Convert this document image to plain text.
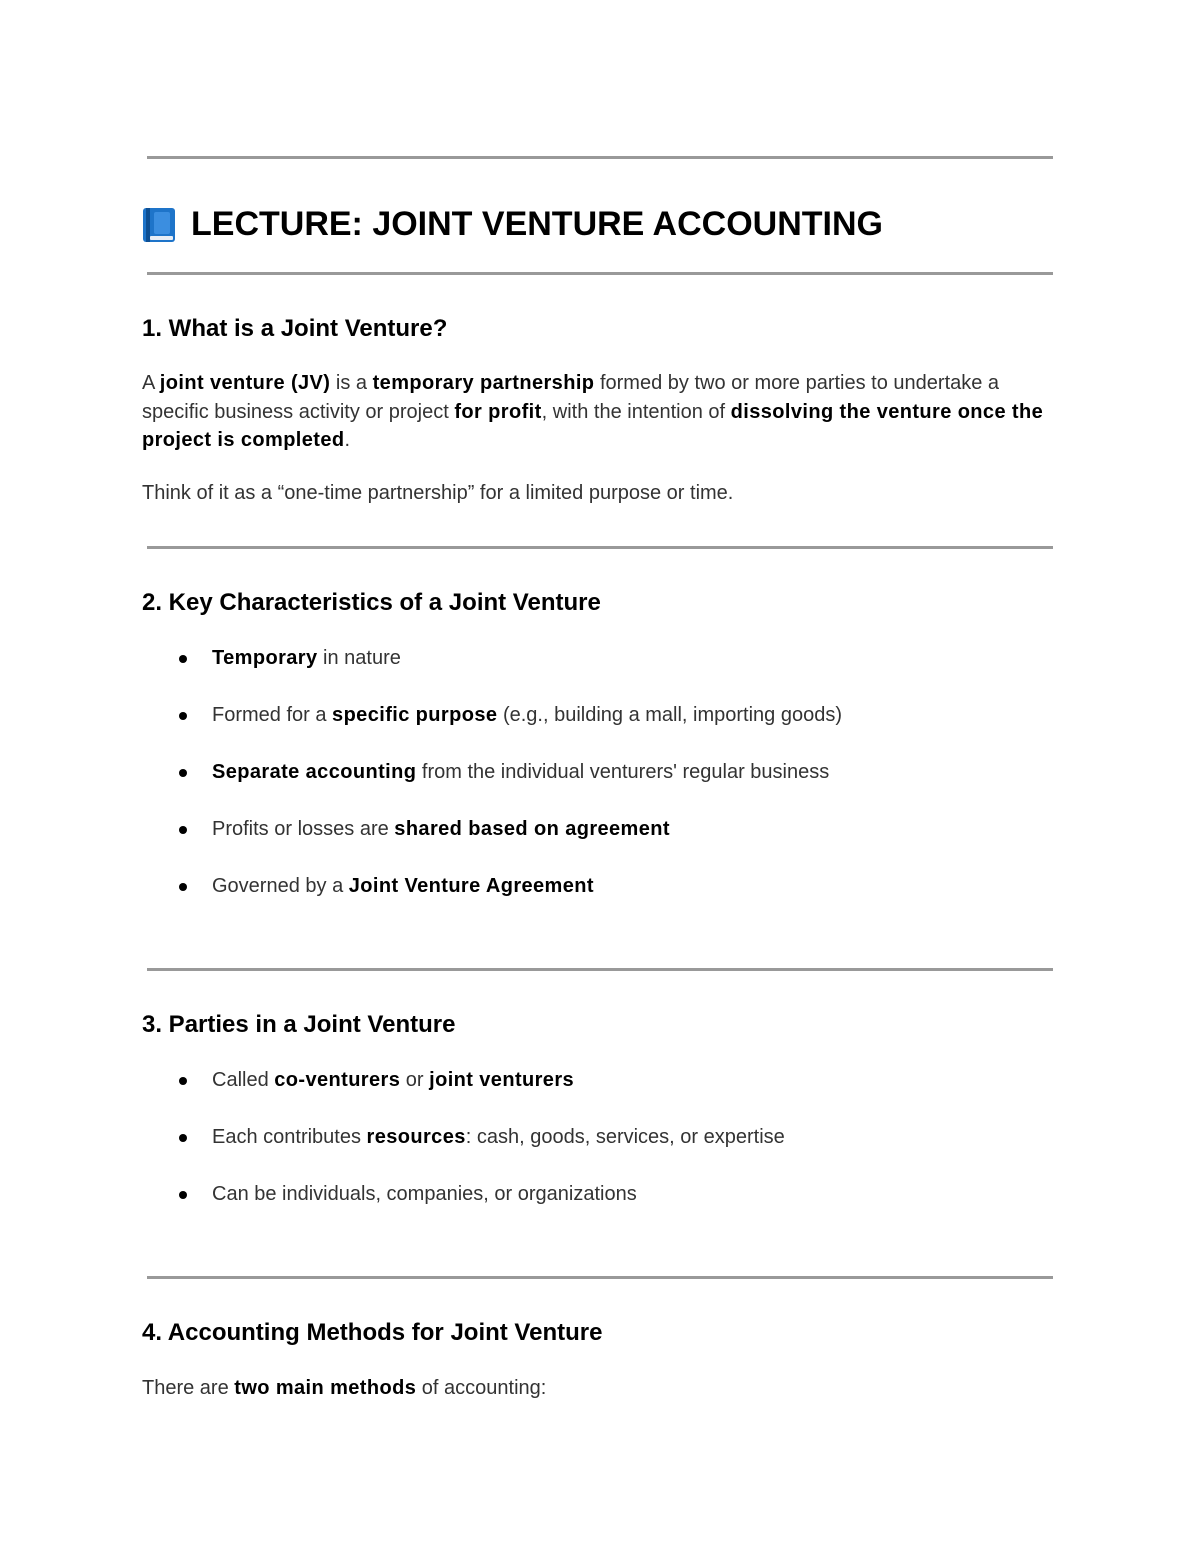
LECTURE: JOINT VENTURE ACCOUNTING
1. What is a Joint Venture?

A joint venture (JV) is a temporary partnership formed by two or more parties to undertake a specific business activity or project for profit, with the intention of dissolving the venture once the project is completed.

Think of it as a “one-time partnership” for a limited purpose or time.

2. Key Characteristics of a Joint Venture
Temporary in nature
Formed for a specific purpose (e.g., building a mall, importing goods)
Separate accounting from the individual venturers' regular business
Profits or losses are shared based on agreement
Governed by a Joint Venture Agreement
3. Parties in a Joint Venture
Called co-venturers or joint venturers
Each contributes resources: cash, goods, services, or expertise
Can be individuals, companies, or organizations
4. Accounting Methods for Joint Venture

There are two main methods of accounting:
